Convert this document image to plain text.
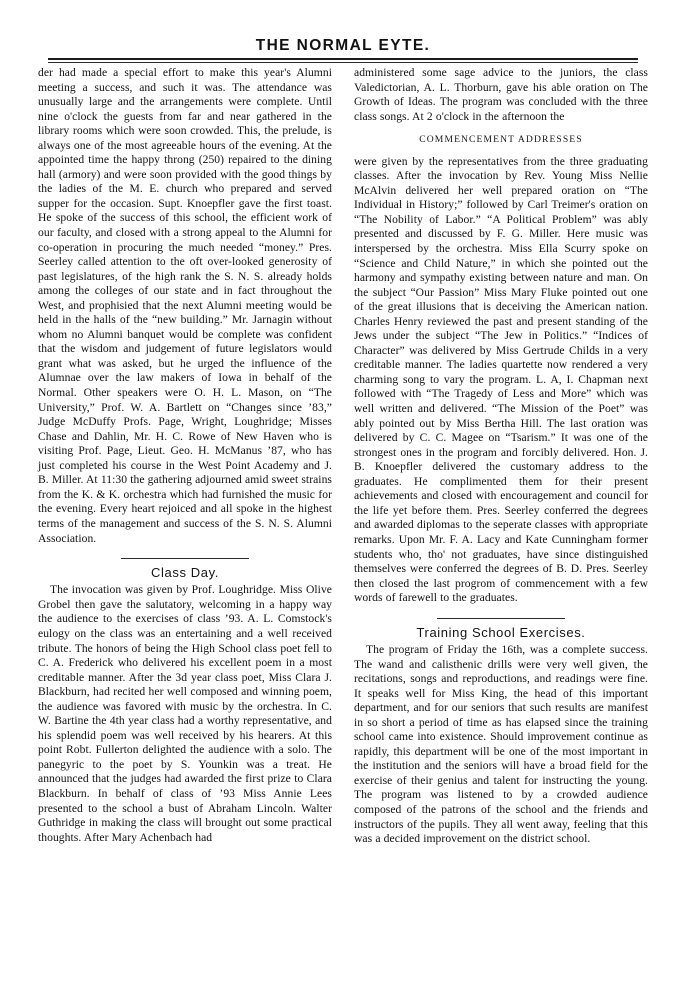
THE NORMAL EYTE.

der had made a special effort to make this year's Alumni meeting a success, and such it was. The attendance was unusually large and the arrangements were complete. Until nine o'clock the guests from far and near gathered in the library rooms which were soon crowded. This, the prelude, is always one of the most agreeable hours of the evening. At the appointed time the happy throng (250) repaired to the dining hall (armory) and were soon provided with the good things by the ladies of the M. E. church who prepared and served supper for the occasion. Supt. Knoepfler gave the first toast. He spoke of the success of this school, the efficient work of our faculty, and closed with a strong appeal to the Alumni for co-operation in procuring the much needed “money.” Pres. Seerley called attention to the oft over-looked generosity of past legislatures, of the high rank the S. N. S. already holds among the colleges of our state and in fact throughout the West, and prophisied that the next Alumni meeting would be held in the halls of the “new building.” Mr. Jarnagin without whom no Alumni banquet would be complete was confident that the wisdom and judgement of future legislators would grant what was asked, but he urged the influence of the Alumnae over the law makers of Iowa in behalf of the Normal. Other speakers were O. H. L. Mason, on “The University,” Prof. W. A. Bartlett on “Changes since ’83,” Judge McDuffy Profs. Page, Wright, Loughridge; Misses Chase and Dahlin, Mr. H. C. Rowe of New Haven who is visiting Prof. Page, Lieut. Geo. H. McManus ’87, who has just completed his course in the West Point Academy and J. B. Miller. At 11:30 the gathering adjourned amid sweet strains from the K. & K. orchestra which had furnished the music for the evening. Every heart rejoiced and all spoke in the highest terms of the management and success of the S. N. S. Alumni Association.

Class Day.

The invocation was given by Prof. Loughridge. Miss Olive Grobel then gave the salutatory, welcoming in a happy way the audience to the exercises of class ’93. A. L. Comstock's eulogy on the class was an entertaining and a well received tribute. The honors of being the High School class poet fell to C. A. Frederick who delivered his excellent poem in a most creditable manner. After the 3d year class poet, Miss Clara J. Blackburn, had recited her well composed and winning poem, the audience was favored with music by the orchestra. In C. W. Bartine the 4th year class had a worthy representative, and his splendid poem was well received by his hearers. At this point Robt. Fullerton delighted the audience with a solo. The panegyric to the poet by S. Younkin was a treat. He announced that the judges had awarded the first prize to Clara Blackburn. In behalf of class of ’93 Miss Annie Lees presented to the school a bust of Abraham Lincoln. Walter Guthridge in making the class will brought out some practical thoughts. After Mary Achenbach had

administered some sage advice to the juniors, the class Valedictorian, A. L. Thorburn, gave his able oration on The Growth of Ideas. The program was concluded with the three class songs. At 2 o'clock in the afternoon the

COMMENCEMENT ADDRESSES

were given by the representatives from the three graduating classes. After the invocation by Rev. Young Miss Nellie McAlvin delivered her well prepared oration on “The Individual in History;” followed by Carl Treimer's oration on “The Nobility of Labor.” “A Political Problem” was ably presented and discussed by F. G. Miller. Here music was interspersed by the orchestra. Miss Ella Scurry spoke on “Science and Child Nature,” in which she pointed out the harmony and sympathy existing between nature and man. On the subject “Our Passion” Miss Mary Fluke pointed out one of the great illusions that is deceiving the American nation. Charles Henry reviewed the past and present standing of the Jews under the subject “The Jew in Politics.” “Indices of Character” was delivered by Miss Gertrude Childs in a very creditable manner. The ladies quartette now rendered a very charming song to vary the program. L. A, I. Chapman next followed with “The Tragedy of Less and More” which was well written and delivered. “The Mission of the Poet” was ably pointed out by Miss Bertha Hill. The last oration was delivered by C. C. Magee on “Tsarism.” It was one of the strongest ones in the program and forcibly delivered. Hon. J. B. Knoepfler delivered the customary address to the graduates. He complimented them for their present achievements and closed with encouragement and council for the life yet before them. Pres. Seerley conferred the degrees and awarded diplomas to the seperate classes with appropriate remarks. Upon Mr. F. A. Lacy and Kate Cunningham former students who, tho' not graduates, have since distinguished themselves were conferred the degrees of B. D. Pres. Seerley then closed the last progrom of commencement with a few words of farewell to the graduates.

Training School Exercises.

The program of Friday the 16th, was a complete success. The wand and calisthenic drills were very well given, the recitations, songs and reproductions, and readings were fine. It speaks well for Miss King, the head of this important department, and for our seniors that such results are manifest in so short a period of time as has elapsed since the training school came into existence. Should improvement continue as rapidly, this department will be one of the most important in the institution and the seniors will have a broad field for the exercise of their genius and talent for instructing the young. The program was listened to by a crowded audience composed of the patrons of the school and the friends and instructors of the pupils. They all went away, feeling that this was a decided improvement on the district school.
